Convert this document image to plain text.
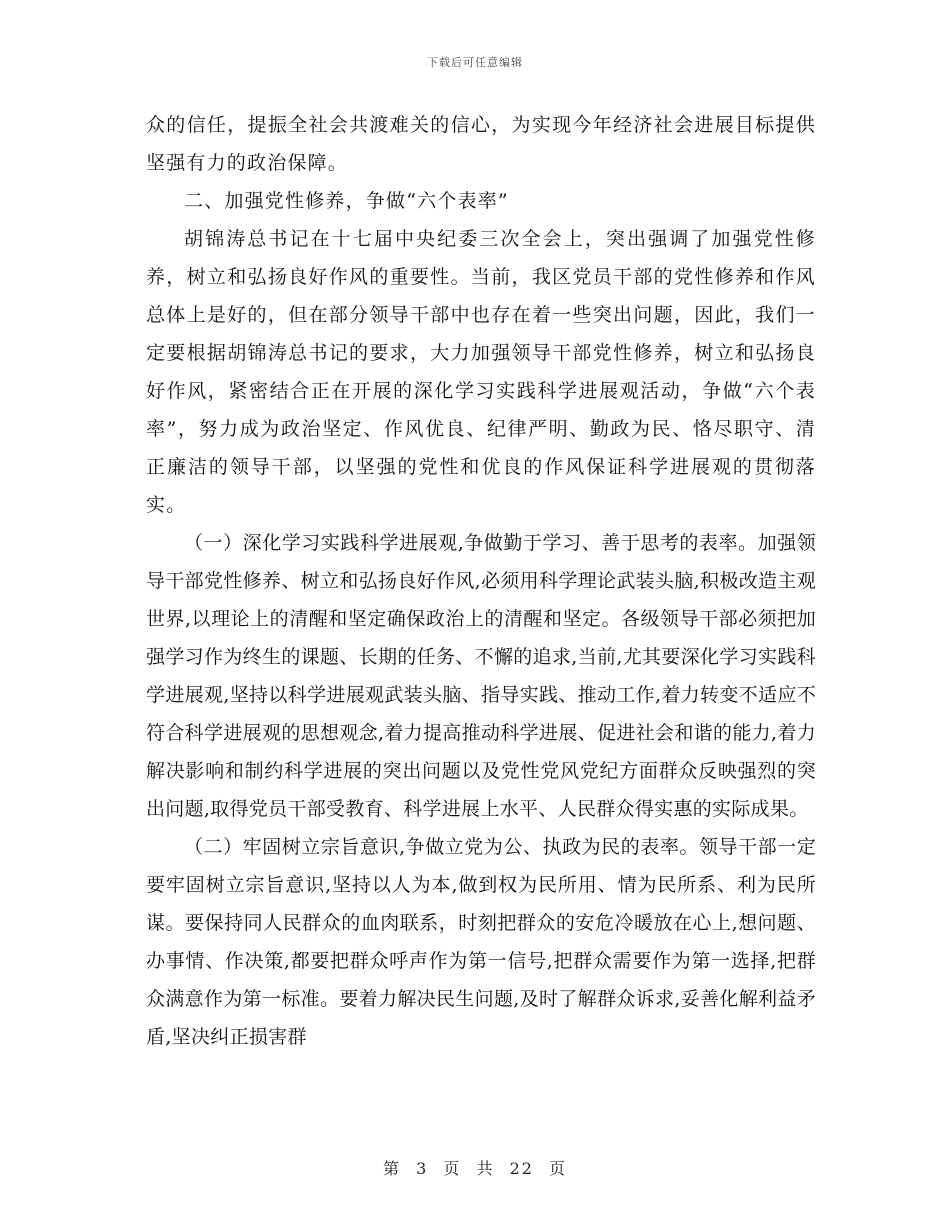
下载后可任意编辑

众的信任，提振全社会共渡难关的信心，为实现今年经济社会进展目标提供坚强有力的政治保障。

二、加强党性修养，争做“六个表率”

胡锦涛总书记在十七届中央纪委三次全会上，突出强调了加强党性修养，树立和弘扬良好作风的重要性。当前，我区党员干部的党性修养和作风总体上是好的，但在部分领导干部中也存在着一些突出问题，因此，我们一定要根据胡锦涛总书记的要求，大力加强领导干部党性修养，树立和弘扬良好作风，紧密结合正在开展的深化学习实践科学进展观活动，争做“六个表率”，努力成为政治坚定、作风优良、纪律严明、勤政为民、恪尽职守、清正廉洁的领导干部，以坚强的党性和优良的作风保证科学进展观的贯彻落实。

（一）深化学习实践科学进展观,争做勤于学习、善于思考的表率。加强领导干部党性修养、树立和弘扬良好作风,必须用科学理论武装头脑,积极改造主观世界,以理论上的清醒和坚定确保政治上的清醒和坚定。各级领导干部必须把加强学习作为终生的课题、长期的任务、不懈的追求,当前,尤其要深化学习实践科学进展观,坚持以科学进展观武装头脑、指导实践、推动工作,着力转变不适应不符合科学进展观的思想观念,着力提高推动科学进展、促进社会和谐的能力,着力解决影响和制约科学进展的突出问题以及党性党风党纪方面群众反映强烈的突出问题,取得党员干部受教育、科学进展上水平、人民群众得实惠的实际成果。

（二）牢固树立宗旨意识,争做立党为公、执政为民的表率。领导干部一定要牢固树立宗旨意识,坚持以人为本,做到权为民所用、情为民所系、利为民所谋。要保持同人民群众的血肉联系，时刻把群众的安危冷暖放在心上,想问题、办事情、作决策,都要把群众呼声作为第一信号,把群众需要作为第一选择,把群众满意作为第一标准。要着力解决民生问题,及时了解群众诉求,妥善化解利益矛盾,坚决纠正损害群

第 3 页 共 22 页
